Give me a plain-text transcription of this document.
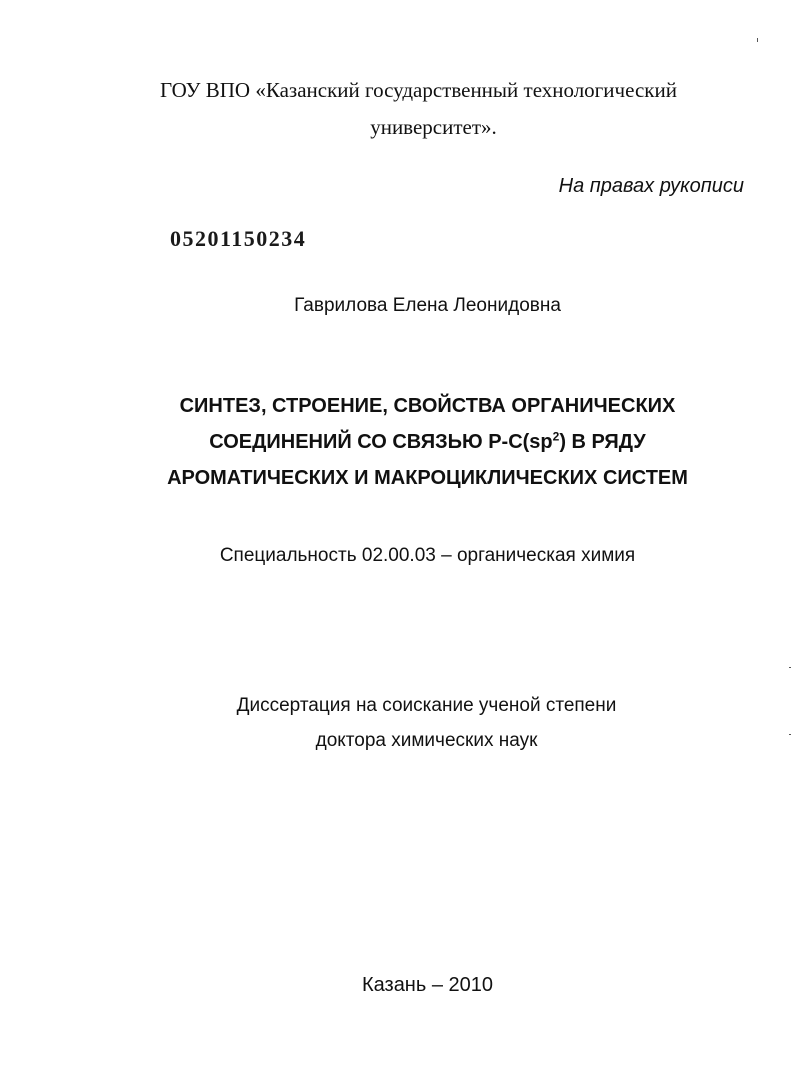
ГОУ ВПО «Казанский государственный технологический
университет».
На правах рукописи
05201150234
Гаврилова Елена Леонидовна
СИНТЕЗ, СТРОЕНИЕ, СВОЙСТВА ОРГАНИЧЕСКИХ
СОЕДИНЕНИЙ СО СВЯЗЬЮ $Р-С(sp^2)$ В РЯДУ
АРОМАТИЧЕСКИХ И МАКРОЦИКЛИЧЕСКИХ СИСТЕМ
Специальность 02.00.03 – органическая химия
Диссертация на соискание ученой степени
доктора химических наук
Казань – 2010
